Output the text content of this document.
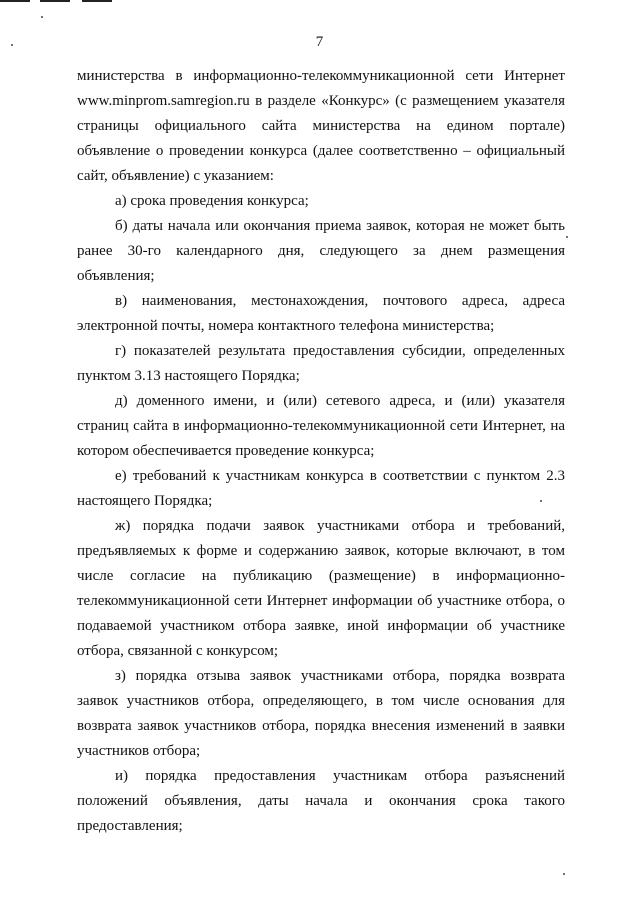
7

министерства в информационно-телекоммуникационной сети Интернет www.minprom.samregion.ru в разделе «Конкурс» (с размещением указателя страницы официального сайта министерства на едином портале) объявление о проведении конкурса (далее соответственно – официальный сайт, объявление) с указанием:

а) срока проведения конкурса;

б) даты начала или окончания приема заявок, которая не может быть ранее 30-го календарного дня, следующего за днем размещения объявления;

в) наименования, местонахождения, почтового адреса, адреса электронной почты, номера контактного телефона министерства;

г) показателей результата предоставления субсидии, определенных пунктом 3.13 настоящего Порядка;

д) доменного имени, и (или) сетевого адреса, и (или) указателя страниц сайта в информационно-телекоммуникационной сети Интернет, на котором обеспечивается проведение конкурса;

е) требований к участникам конкурса в соответствии с пунктом 2.3 настоящего Порядка;

ж) порядка подачи заявок участниками отбора и требований, предъявляемых к форме и содержанию заявок, которые включают, в том числе согласие на публикацию (размещение) в информационно-телекоммуникационной сети Интернет информации об участнике отбора, о подаваемой участником отбора заявке, иной информации об участнике отбора, связанной с конкурсом;

з) порядка отзыва заявок участниками отбора, порядка возврата заявок участников отбора, определяющего, в том числе основания для возврата заявок участников отбора, порядка внесения изменений в заявки участников отбора;

и) порядка предоставления участникам отбора разъяснений положений объявления, даты начала и окончания срока такого предоставления;
